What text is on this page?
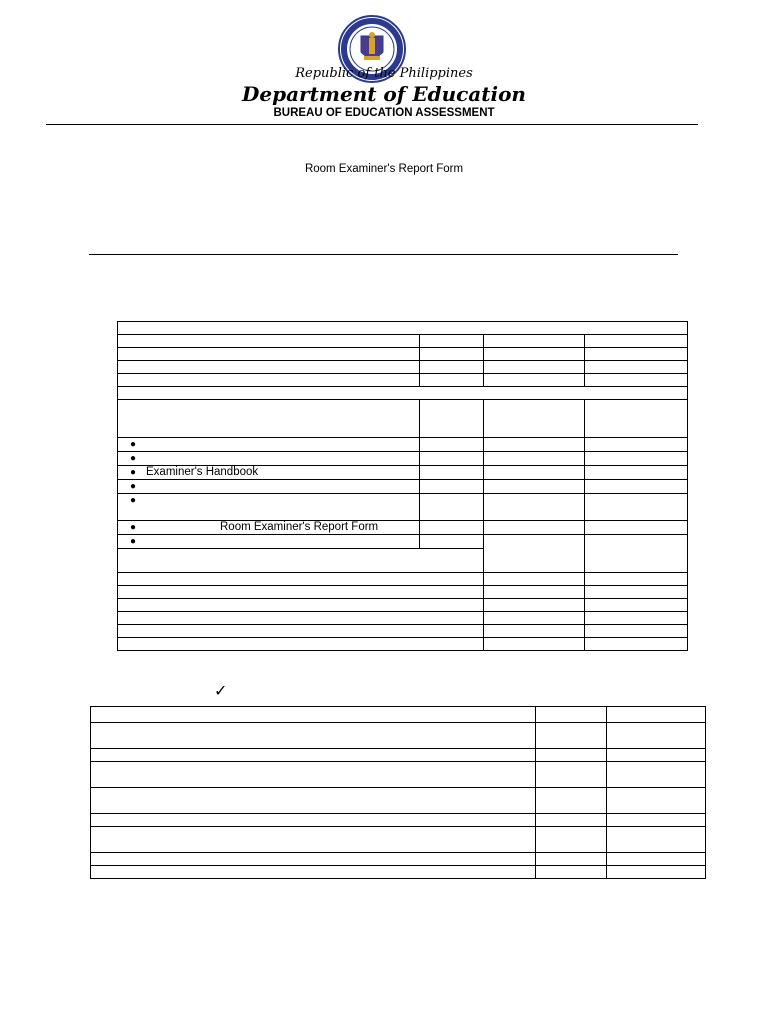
Republic of the Philippines
Department of Education
BUREAU OF EDUCATION ASSESSMENT
Room Examiner's Report Form

●			
●			
● Examiner's Handbook			
●			
●			
● Room Examiner's Report Form			
●			

✓
